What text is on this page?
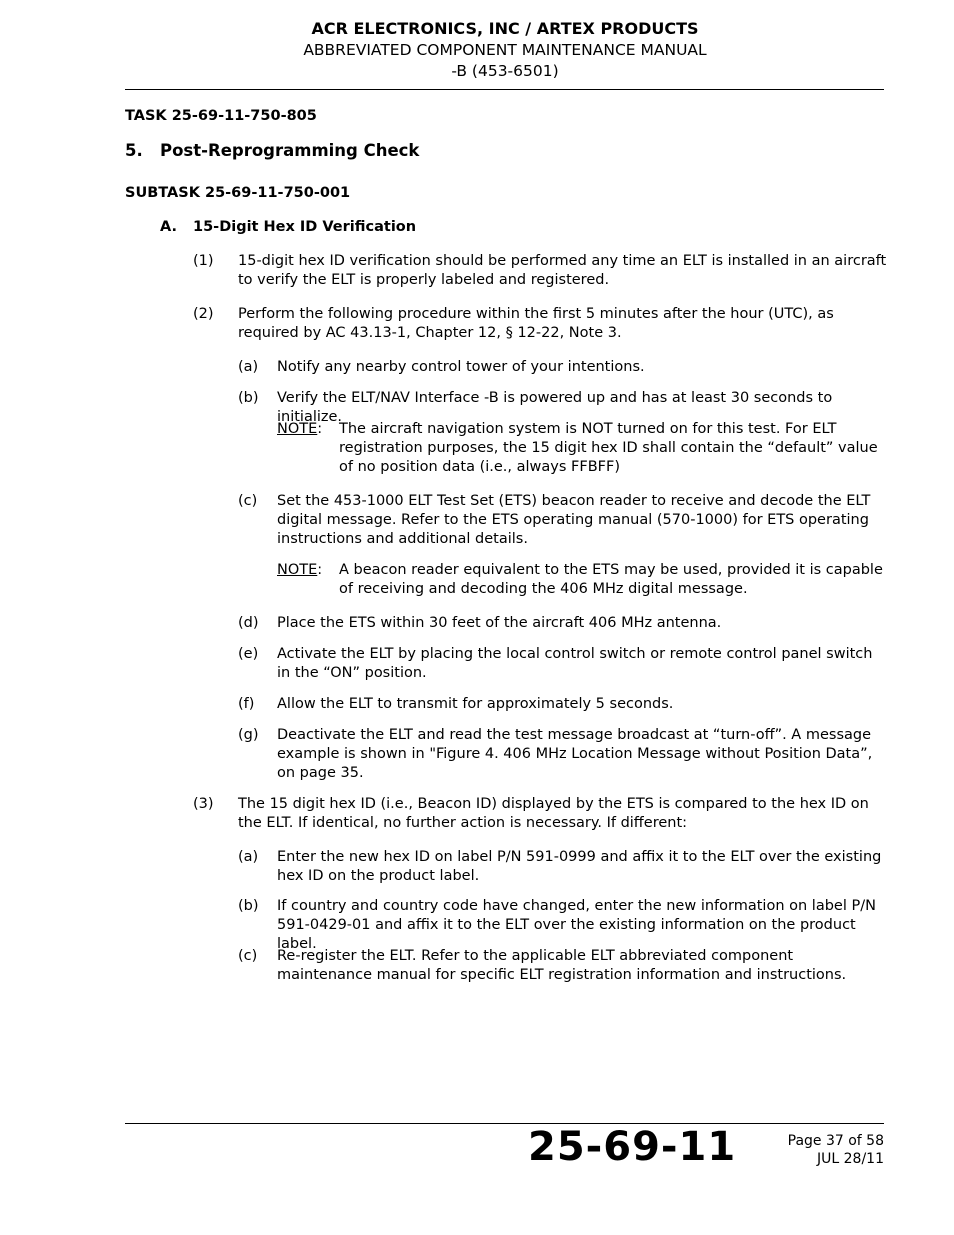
ACR ELECTRONICS, INC / ARTEX PRODUCTS
ABBREVIATED COMPONENT MAINTENANCE MANUAL
-B (453-6501)
TASK 25-69-11-750-805
5. Post-Reprogramming Check
SUBTASK 25-69-11-750-001
A. 15-Digit Hex ID Verification
(1) 15-digit hex ID verification should be performed any time an ELT is installed in an aircraft to verify the ELT is properly labeled and registered.
(2) Perform the following procedure within the first 5 minutes after the hour (UTC), as required by AC 43.13-1, Chapter 12, § 12-22, Note 3.
(a) Notify any nearby control tower of your intentions.
(b) Verify the ELT/NAV Interface -B is powered up and has at least 30 seconds to initialize.
NOTE: The aircraft navigation system is NOT turned on for this test. For ELT registration purposes, the 15 digit hex ID shall contain the “default” value of no position data (i.e., always FFBFF)
(c) Set the 453-1000 ELT Test Set (ETS) beacon reader to receive and decode the ELT digital message. Refer to the ETS operating manual (570-1000) for ETS operating instructions and additional details.
NOTE: A beacon reader equivalent to the ETS may be used, provided it is capable of receiving and decoding the 406 MHz digital message.
(d) Place the ETS within 30 feet of the aircraft 406 MHz antenna.
(e) Activate the ELT by placing the local control switch or remote control panel switch in the “ON” position.
(f) Allow the ELT to transmit for approximately 5 seconds.
(g) Deactivate the ELT and read the test message broadcast at “turn-off”. A message example is shown in "Figure 4. 406 MHz Location Message without Position Data”, on page 35.
(3) The 15 digit hex ID (i.e., Beacon ID) displayed by the ETS is compared to the hex ID on the ELT. If identical, no further action is necessary. If different:
(a) Enter the new hex ID on label P/N 591-0999 and affix it to the ELT over the existing hex ID on the product label.
(b) If country and country code have changed, enter the new information on label P/N 591-0429-01 and affix it to the ELT over the existing information on the product label.
(c) Re-register the ELT. Refer to the applicable ELT abbreviated component maintenance manual for specific ELT registration information and instructions.
25-69-11	Page 37 of 58
JUL 28/11
